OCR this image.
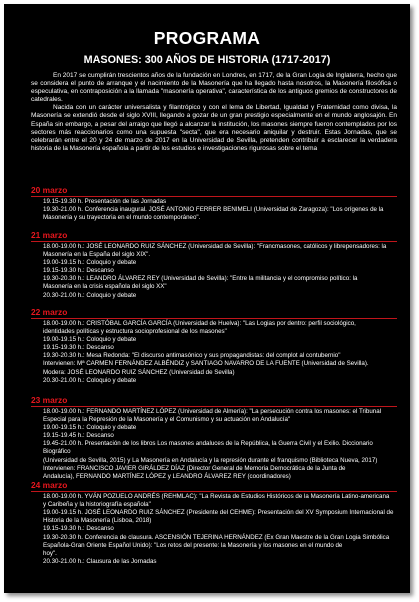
PROGRAMA
MASONES: 300 AÑOS DE HISTORIA (1717-2017)

En 2017 se cumplirán trescientos años de la fundación en Londres, en 1717, de la Gran Logia de Inglaterra, hecho que se considera el punto de arranque y el nacimiento de la Masonería que ha llegado hasta nosotros, la Masonería filosófica o especulativa, en contraposición a la llamada "masonería operativa", característica de los antiguos gremios de constructores de catedrales.

Nacida con un carácter universalista y filantrópico y con el lema de Libertad, Igualdad y Fraternidad como divisa, la Masonería se extendió desde el siglo XVIII, llegando a gozar de un gran prestigio especialmente en el mundo anglosajón. En España sin embargo, a pesar del arraigo que llegó a alcanzar la institución, los masones siempre fueron contemplados por los sectores más reaccionarios como una supuesta "secta", que era necesario aniquilar y destruir. Estas Jornadas, que se celebrarán entre el 20 y 24 de marzo de 2017 en la Universidad de Sevilla, pretenden contribuir a esclarecer la verdadera historia de la Masonería española a partir de los estudios e investigaciones rigurosas sobre el tema

20 marzo
19.15-19.30 h. Presentación de las Jornadas
19.30-21.00 h. Conferencia inaugural. JOSÉ ANTONIO FERRER BENIMELI (Universidad de Zaragoza): "Los orígenes de la
Masonería y su trayectoria en el mundo contemporáneo".
21 marzo
18.00-19.00 h.: JOSÉ LEONARDO RUIZ SÁNCHEZ (Universidad de Sevilla): "Francmasones, católicos y librepensadores: la
Masonería en la España del siglo XIX".
19.00-19.15 h.: Coloquio y debate
19.15-19.30 h.: Descanso
19.30-20.30 h.: LEANDRO ÁLVAREZ REY (Universidad de Sevilla): "Entre la militancia y el compromiso político: la
Masonería en la crisis española del siglo XX"
20.30-21.00 h.: Coloquio y debate
22 marzo
18.00-19.00 h.: CRISTÓBAL GARCÍA GARCÍA (Universidad de Huelva): "Las Logias por dentro: perfil sociológico,
identidades políticas y estructura socioprofesional de los masones"
19.00-19.15 h.: Coloquio y debate
19.15-19.30 h.: Descanso
19.30-20.30 h.: Mesa Redonda: "El discurso antimasónico y sus propagandistas: del complot al contubernio"
Intervienen: Mª CARMEN FERNÁNDEZ ALBÉNDIZ y SANTIAGO NAVARRO DE LA FUENTE (Universidad de Sevilla).
Modera: JOSÉ LEONARDO RUIZ SÁNCHEZ (Universidad de Sevilla)
20.30-21.00 h.: Coloquio y debate
23 marzo
18.00-19.00 h.: FERNANDO MARTÍNEZ LÓPEZ (Universidad de Almería): "La persecución contra los masones: el Tribunal
Especial para la Represión de la Masonería y el Comunismo y su actuación en Andalucía"
19.00-19.15 h.: Coloquio y debate
19.15-19.45 h.: Descanso
19.45-21.00 h. Presentación de los libros Los masones andaluces de la República, la Guerra Civil y el Exilio. Diccionario Biográfico
(Universidad de Sevilla, 2015) y La Masonería en Andalucía y la represión durante el franquismo (Biblioteca Nueva, 2017)
Intervienen: FRANCISCO JAVIER GIRÁLDEZ DÍAZ (Director General de Memoria Democrática de la Junta de
Andalucía), FERNANDO MARTÍNEZ LÓPEZ y LEANDRO ÁLVAREZ REY (coordinadores)
24 marzo
18.00-19.00 h. YVÁN POZUELO ANDRÉS (REHMLAC): "La Revista de Estudios Históricos de la Masonería Latino-americana
y Caribeña y la historiografía española"
19.00-19.15 h. JOSÉ LEONARDO RUIZ SÁNCHEZ (Presidente del CEHME): Presentación del XV Symposium Internacional de
Historia de la Masonería (Lisboa, 2018)
19.15-19.30 h.: Descanso
19.30-20.30 h. Conferencia de clausura. ASCENSIÓN TEJERINA HERNÁNDEZ (Ex Gran Maestre de la Gran Logia Simbólica
Española-Gran Oriente Español Unido): "Los retos del presente: la Masonería y los masones en el mundo de
hoy".
20.30-21.00 h.: Clausura de las Jornadas
